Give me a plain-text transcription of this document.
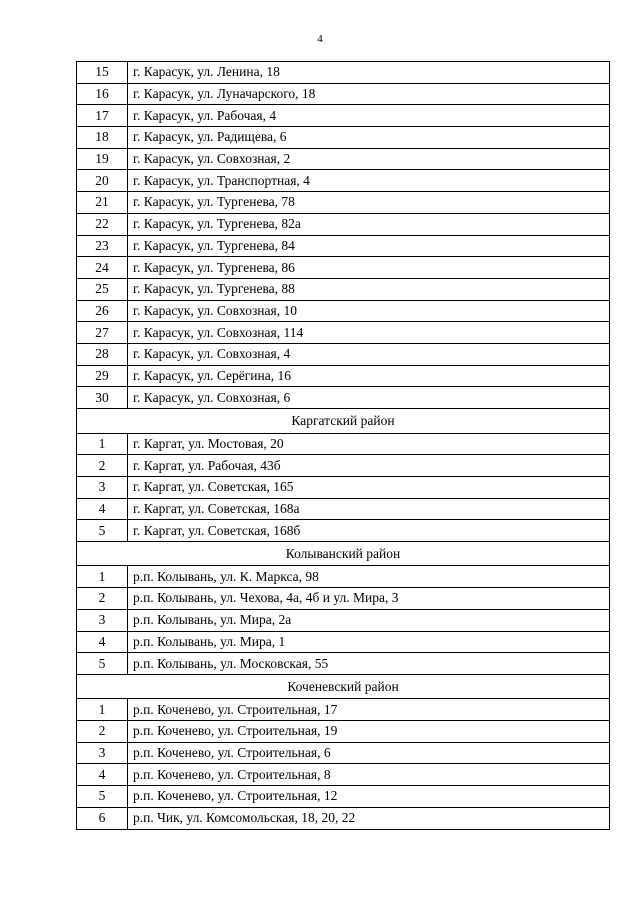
4
15	г. Карасук, ул. Ленина, 18
16	г. Карасук, ул. Луначарского, 18
17	г. Карасук, ул. Рабочая, 4
18	г. Карасук, ул. Радищева, 6
19	г. Карасук, ул. Совхозная, 2
20	г. Карасук, ул. Транспортная, 4
21	г. Карасук, ул. Тургенева, 78
22	г. Карасук, ул. Тургенева, 82а
23	г. Карасук, ул. Тургенева, 84
24	г. Карасук, ул. Тургенева, 86
25	г. Карасук, ул. Тургенева, 88
26	г. Карасук, ул. Совхозная, 10
27	г. Карасук, ул. Совхозная, 114
28	г. Карасук, ул. Совхозная, 4
29	г. Карасук, ул. Серёгина, 16
30	г. Карасук, ул. Совхозная, 6
Каргатский район	
1	г. Каргат, ул. Мостовая, 20
2	г. Каргат, ул. Рабочая, 43б
3	г. Каргат, ул. Советская, 165
4	г. Каргат, ул. Советская, 168а
5	г. Каргат, ул. Советская, 168б
Колыванский район	
1	р.п. Колывань, ул. К. Маркса, 98
2	р.п. Колывань, ул. Чехова, 4а, 4б и ул. Мира, 3
3	р.п. Колывань, ул. Мира, 2а
4	р.п. Колывань, ул. Мира, 1
5	р.п. Колывань, ул. Московская, 55
Коченевский район	
1	р.п. Коченево, ул. Строительная, 17
2	р.п. Коченево, ул. Строительная, 19
3	р.п. Коченево, ул. Строительная, 6
4	р.п. Коченево, ул. Строительная, 8
5	р.п. Коченево, ул. Строительная, 12
6	р.п. Чик, ул. Комсомольская, 18, 20, 22
